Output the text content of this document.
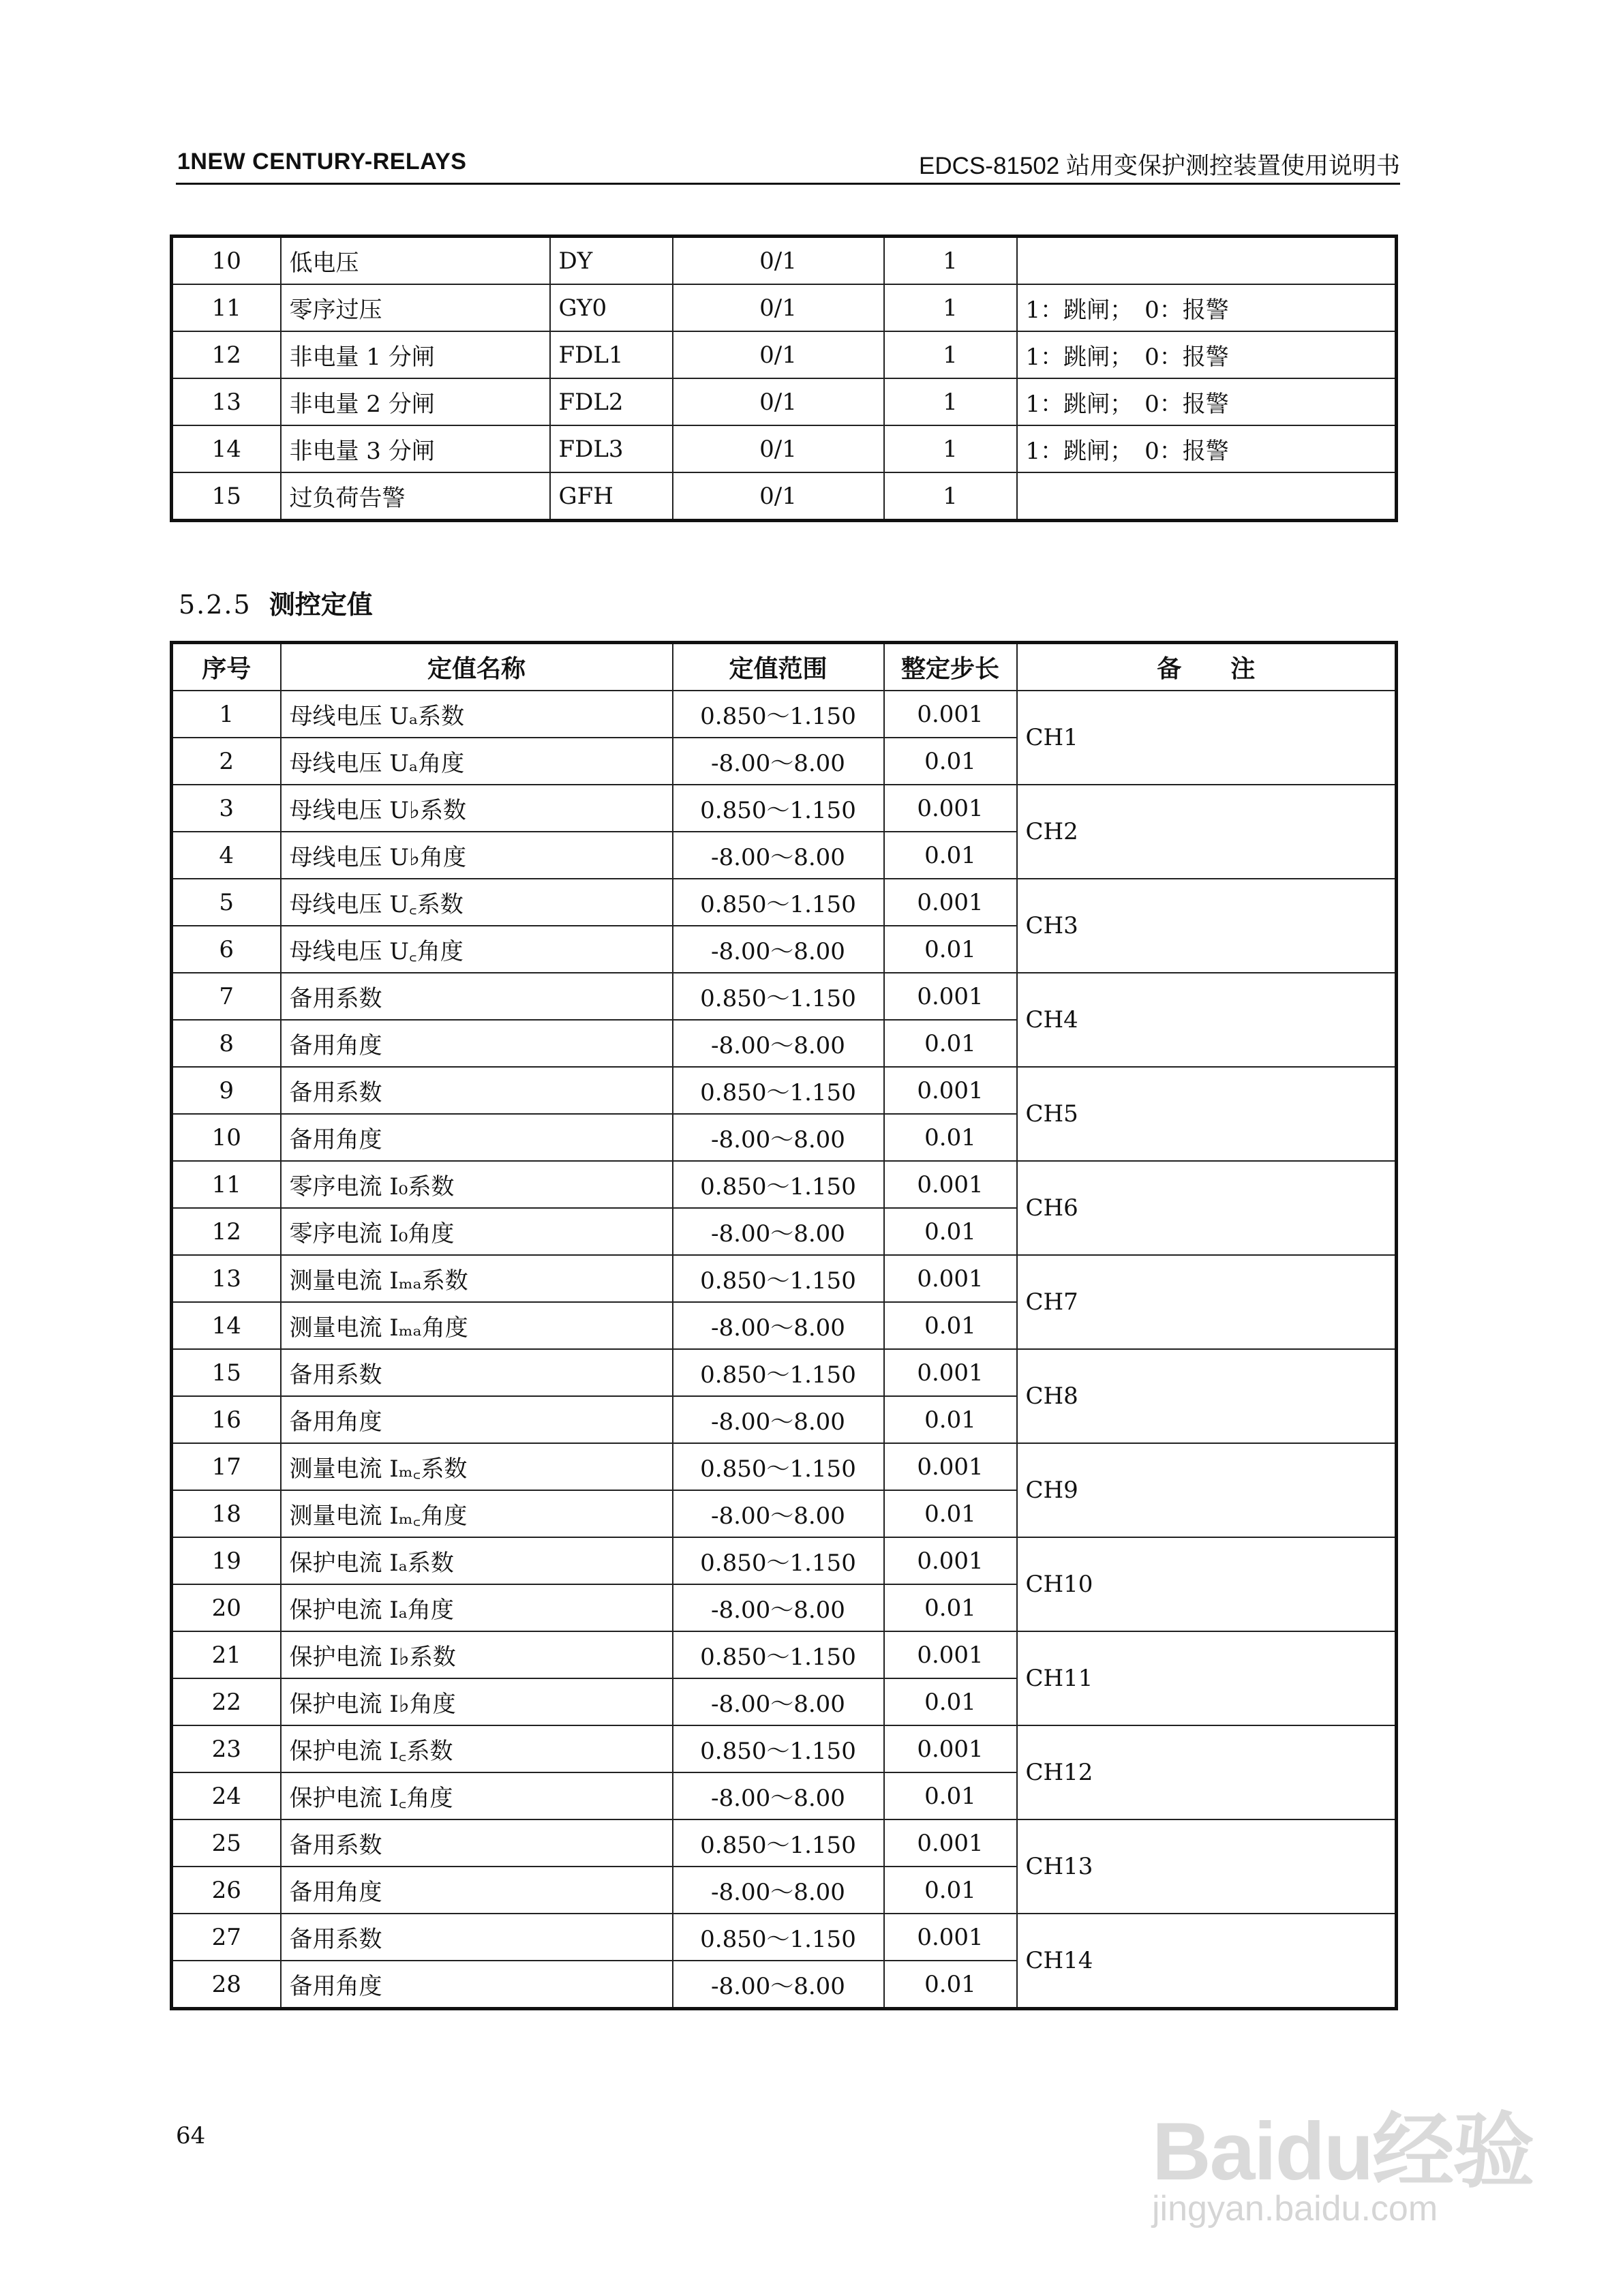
1NEW CENTURY-RELAYS	EDCS-81502 站用变保护测控装置使用说明书
10	低电压	DY	0/1	1	
11	零序过压	GY0	0/1	1	1：跳闸；　0：报警
12	非电量 1 分闸	FDL1	0/1	1	1：跳闸；　0：报警
13	非电量 2 分闸	FDL2	0/1	1	1：跳闸；　0：报警
14	非电量 3 分闸	FDL3	0/1	1	1：跳闸；　0：报警
15	过负荷告警	GFH	0/1	1	
5.2.5 测控定值
序号	定值名称	定值范围	整定步长	备　　注
1	母线电压 Uₐ系数	0.850～1.150	0.001	CH1
2	母线电压 Uₐ角度	-8.00～8.00	0.01	
3	母线电压 U♭系数	0.850～1.150	0.001	CH2
4	母线电压 U♭角度	-8.00～8.00	0.01	
5	母线电压 U꜀系数	0.850～1.150	0.001	CH3
6	母线电压 U꜀角度	-8.00～8.00	0.01	
7	备用系数	0.850～1.150	0.001	CH4
8	备用角度	-8.00～8.00	0.01	
9	备用系数	0.850～1.150	0.001	CH5
10	备用角度	-8.00～8.00	0.01	
11	零序电流 I₀系数	0.850～1.150	0.001	CH6
12	零序电流 I₀角度	-8.00～8.00	0.01	
13	测量电流 Iₘₐ系数	0.850～1.150	0.001	CH7
14	测量电流 Iₘₐ角度	-8.00～8.00	0.01	
15	备用系数	0.850～1.150	0.001	CH8
16	备用角度	-8.00～8.00	0.01	
17	测量电流 Iₘ꜀系数	0.850～1.150	0.001	CH9
18	测量电流 Iₘ꜀角度	-8.00～8.00	0.01	
19	保护电流 Iₐ系数	0.850～1.150	0.001	CH10
20	保护电流 Iₐ角度	-8.00～8.00	0.01	
21	保护电流 I♭系数	0.850～1.150	0.001	CH11
22	保护电流 I♭角度	-8.00～8.00	0.01	
23	保护电流 I꜀系数	0.850～1.150	0.001	CH12
24	保护电流 I꜀角度	-8.00～8.00	0.01	
25	备用系数	0.850～1.150	0.001	CH13
26	备用角度	-8.00～8.00	0.01	
27	备用系数	0.850～1.150	0.001	CH14
28	备用角度	-8.00～8.00	0.01	
64	Baidu经验
jingyan.baidu.com
